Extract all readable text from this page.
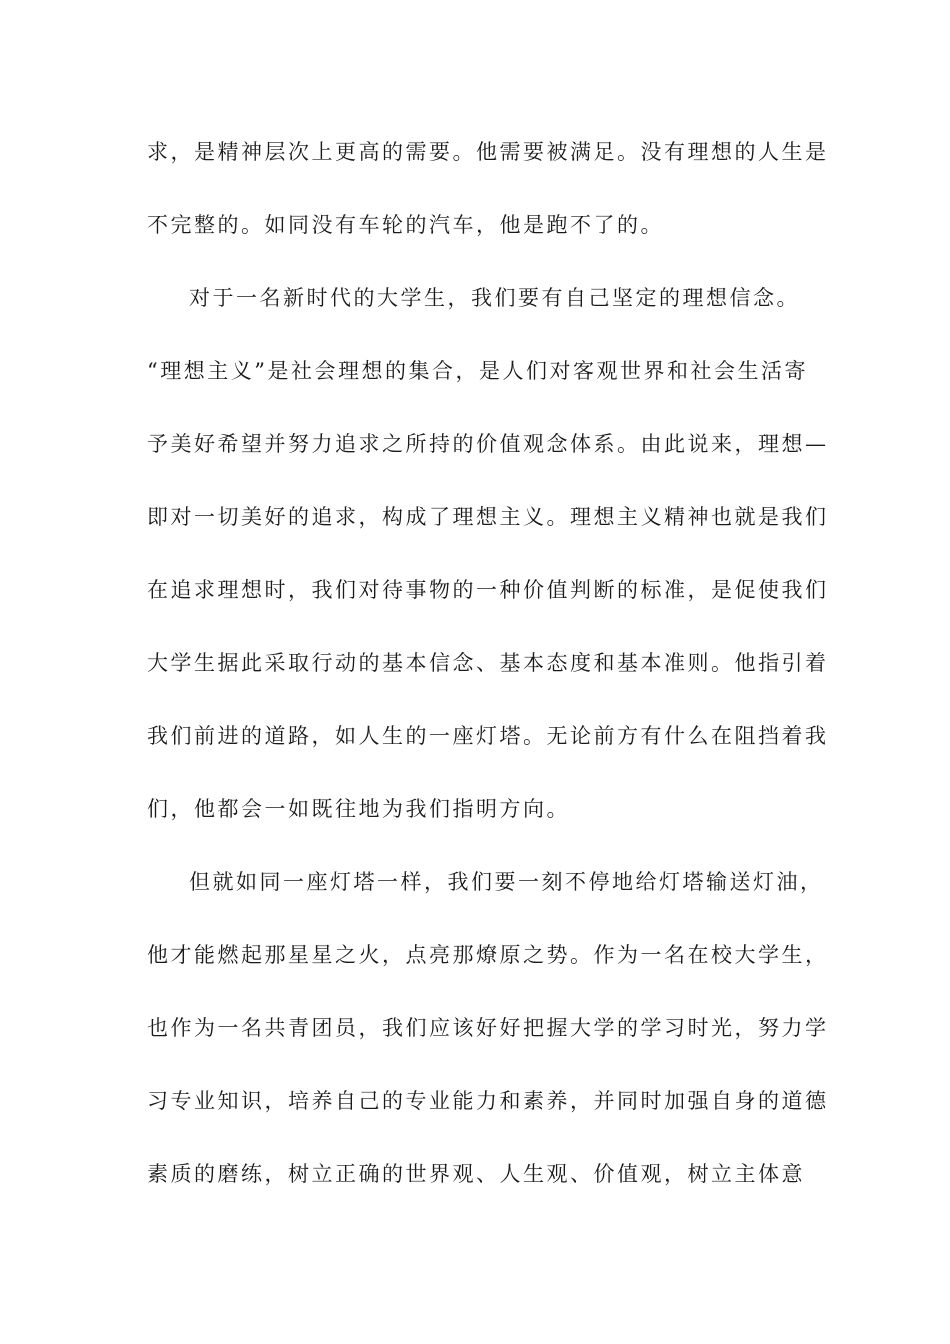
求，是精神层次上更高的需要。他需要被满足。没有理想的人生是
不完整的。如同没有车轮的汽车，他是跑不了的。
对于一名新时代的大学生，我们要有自己坚定的理想信念。
“理想主义”是社会理想的集合，是人们对客观世界和社会生活寄
予美好希望并努力追求之所持的价值观念体系。由此说来，理想—
即对一切美好的追求，构成了理想主义。理想主义精神也就是我们
在追求理想时，我们对待事物的一种价值判断的标准，是促使我们
大学生据此采取行动的基本信念、基本态度和基本准则。他指引着
我们前进的道路，如人生的一座灯塔。无论前方有什么在阻挡着我
们，他都会一如既往地为我们指明方向。
但就如同一座灯塔一样，我们要一刻不停地给灯塔输送灯油，
他才能燃起那星星之火，点亮那燎原之势。作为一名在校大学生，
也作为一名共青团员，我们应该好好把握大学的学习时光，努力学
习专业知识，培养自己的专业能力和素养，并同时加强自身的道德
素质的磨练，树立正确的世界观、人生观、价值观，树立主体意
